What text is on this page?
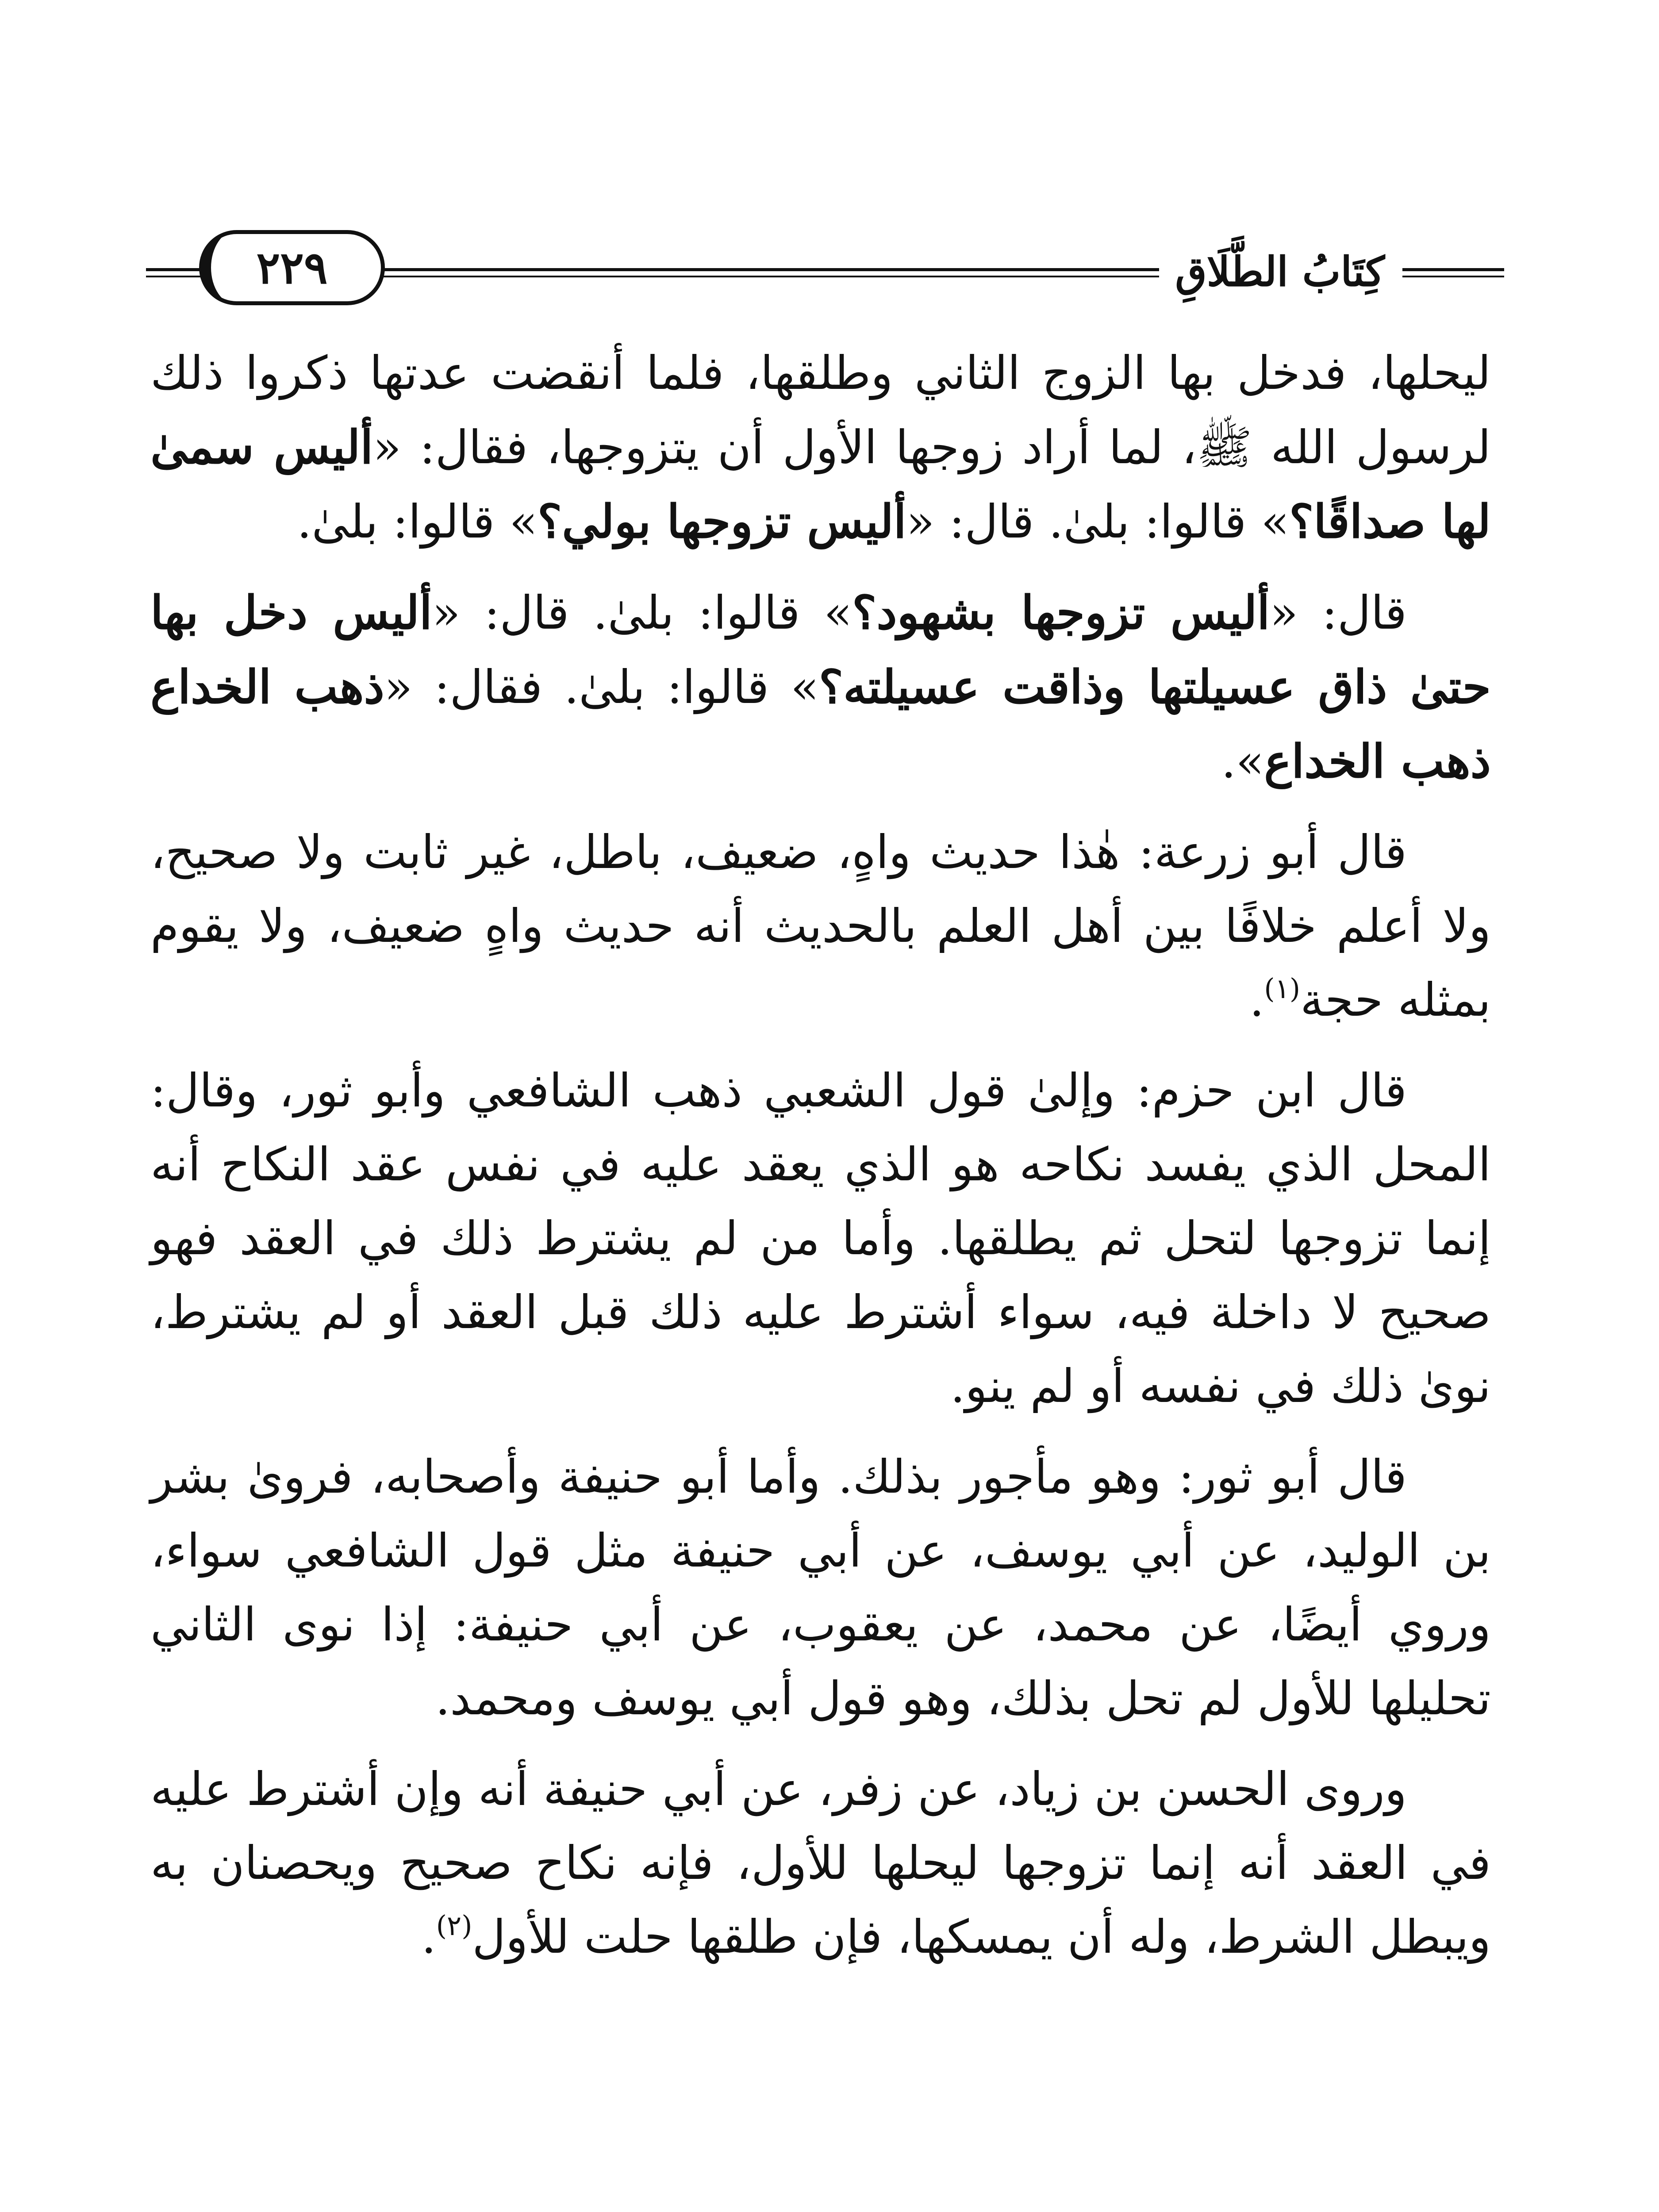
كِتَابُ الطَّلَاقِ
٢٢٩

ليحلها، فدخل بها الزوج الثاني وطلقها، فلما أنقضت عدتها ذكروا ذلك لرسول الله ﷺ، لما أراد زوجها الأول أن يتزوجها، فقال: «أليس سمىٰ لها صداقًا؟» قالوا: بلىٰ. قال: «أليس تزوجها بولي؟» قالوا: بلىٰ.

قال: «أليس تزوجها بشهود؟» قالوا: بلىٰ. قال: «أليس دخل بها حتىٰ ذاق عسيلتها وذاقت عسيلته؟» قالوا: بلىٰ. فقال: «ذهب الخداع ذهب الخداع».

قال أبو زرعة: هٰذا حديث واهٍ، ضعيف، باطل، غير ثابت ولا صحيح، ولا أعلم خلافًا بين أهل العلم بالحديث أنه حديث واهٍ ضعيف، ولا يقوم بمثله حجة$^{(١)}$.

قال ابن حزم: وإلىٰ قول الشعبي ذهب الشافعي وأبو ثور، وقال: المحل الذي يفسد نكاحه هو الذي يعقد عليه في نفس عقد النكاح أنه إنما تزوجها لتحل ثم يطلقها. وأما من لم يشترط ذلك في العقد فهو صحيح لا داخلة فيه، سواء أشترط عليه ذلك قبل العقد أو لم يشترط، نوىٰ ذلك في نفسه أو لم ينو.

قال أبو ثور: وهو مأجور بذلك. وأما أبو حنيفة وأصحابه، فروىٰ بشر بن الوليد، عن أبي يوسف، عن أبي حنيفة مثل قول الشافعي سواء، وروي أيضًا، عن محمد، عن يعقوب، عن أبي حنيفة: إذا نوى الثاني تحليلها للأول لم تحل بذلك، وهو قول أبي يوسف ومحمد.

وروى الحسن بن زياد، عن زفر، عن أبي حنيفة أنه وإن أشترط عليه في العقد أنه إنما تزوجها ليحلها للأول، فإنه نكاح صحيح ويحصنان به ويبطل الشرط، وله أن يمسكها، فإن طلقها حلت للأول$^{(٢)}$.
